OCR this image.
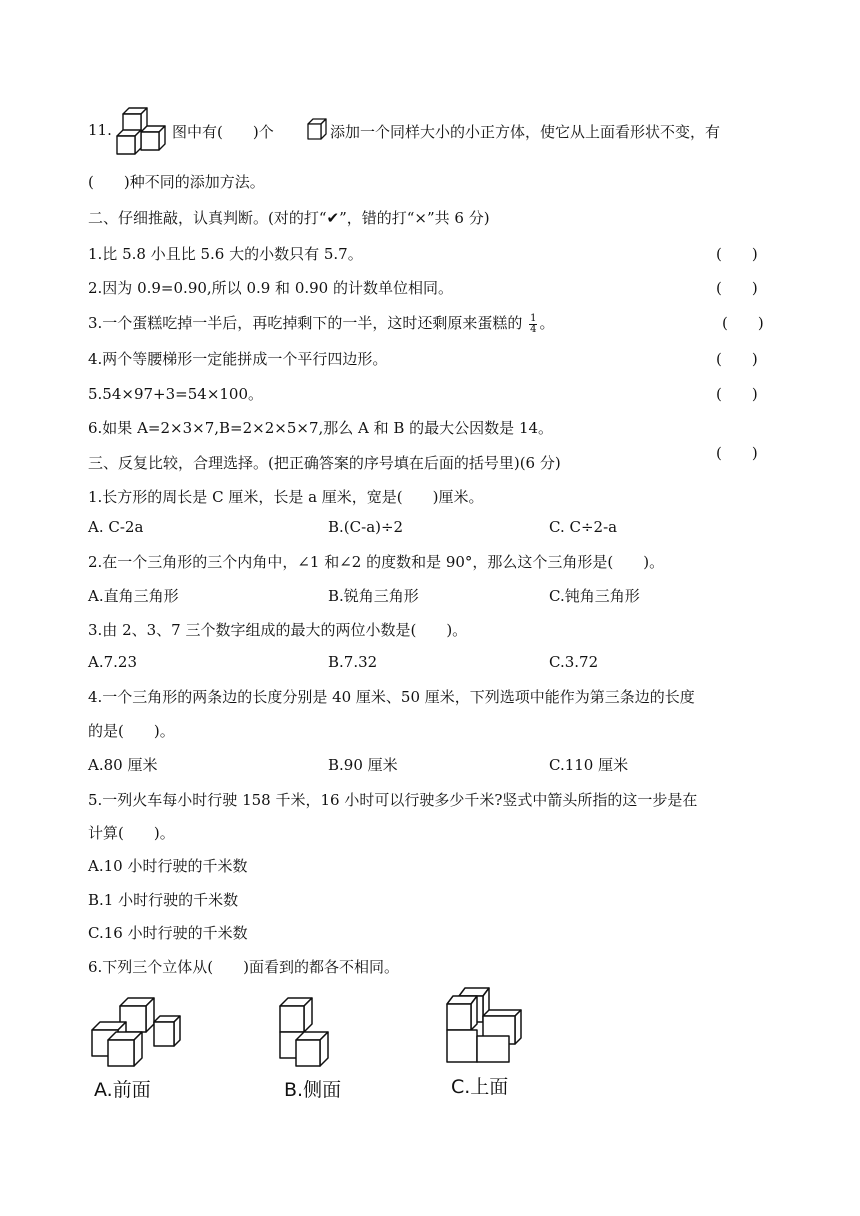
11.	图中有(　　)个	添加一个同样大小的小正方体，使它从上面看形状不变，有
(　　)种不同的添加方法。
二、仔细推敲，认真判断。(对的打“✔”，错的打“×”共 6 分)
1.比 5.8 小且比 5.6 大的小数只有 5.7。	(　　)
2.因为 0.9=0.90,所以 0.9 和 0.90 的计数单位相同。	(　　)
3.一个蛋糕吃掉一半后，再吃掉剩下的一半，这时还剩原来蛋糕的 $\frac{1}{4}$ 。	(　　)
4.两个等腰梯形一定能拼成一个平行四边形。	(　　)
5.54×97+3=54×100。	(　　)
6.如果 A=2×3×7,B=2×2×5×7,那么 A 和 B 的最大公因数是 14。
(　　)
三、反复比较，合理选择。(把正确答案的序号填在后面的括号里)(6 分)
1.长方形的周长是 C 厘米，长是 a 厘米，宽是(　　)厘米。
A. C-2a	B.(C-a)÷2	C. C÷2-a
2.在一个三角形的三个内角中，∠1 和∠2 的度数和是 90°，那么这个三角形是(　　)。
A.直角三角形	B.锐角三角形	C.钝角三角形
3.由 2、3、7 三个数字组成的最大的两位小数是(　　)。
A.7.23	B.7.32	C.3.72
4.一个三角形的两条边的长度分别是 40 厘米、50 厘米，下列选项中能作为第三条边的长度
的是(　　)。
A.80 厘米	B.90 厘米	C.110 厘米
5.一列火车每小时行驶 158 千米，16 小时可以行驶多少千米?竖式中箭头所指的这一步是在
计算(　　)。
A.10 小时行驶的千米数
B.1 小时行驶的千米数
C.16 小时行驶的千米数
6.下列三个立体从(　　)面看到的都各不相同。
A.前面	B.侧面	C.上面
